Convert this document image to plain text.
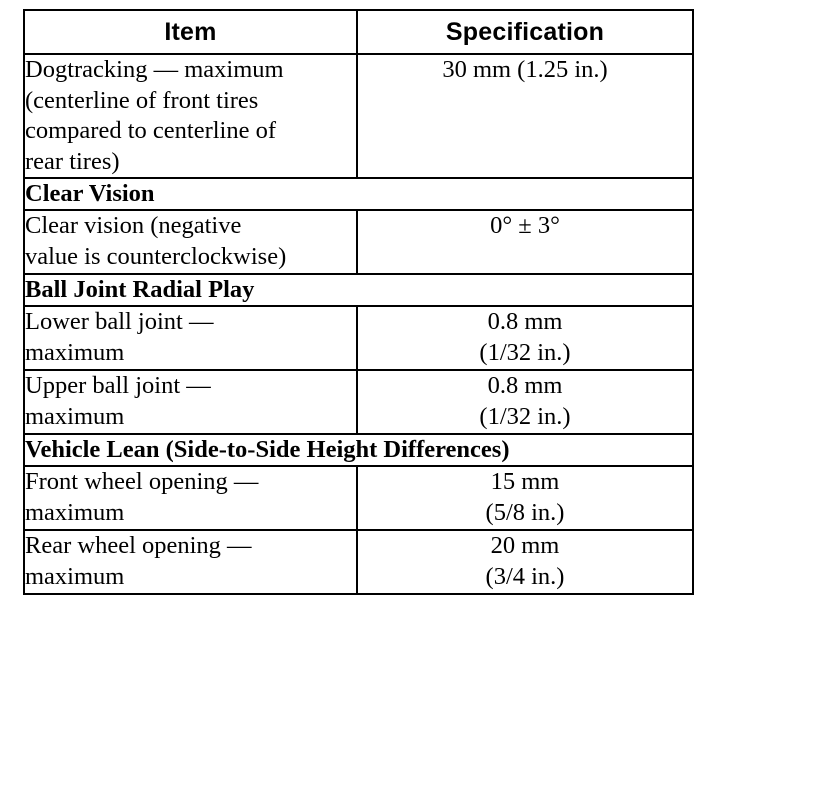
Item	Specification

Dogtracking — maximum
(centerline of front tires
compared to centerline of
rear tires)	30 mm (1.25 in.)

Clear Vision	

Clear vision (negative
value is counterclockwise)	0° ± 3°

Ball Joint Radial Play	

Lower ball joint —
maximum	0.8 mm
(1/32 in.)

Upper ball joint —
maximum	0.8 mm
(1/32 in.)

Vehicle Lean (Side-to-Side Height Differences)	

Front wheel opening —
maximum	15 mm
(5/8 in.)

Rear wheel opening —
maximum	20 mm
(3/4 in.)
